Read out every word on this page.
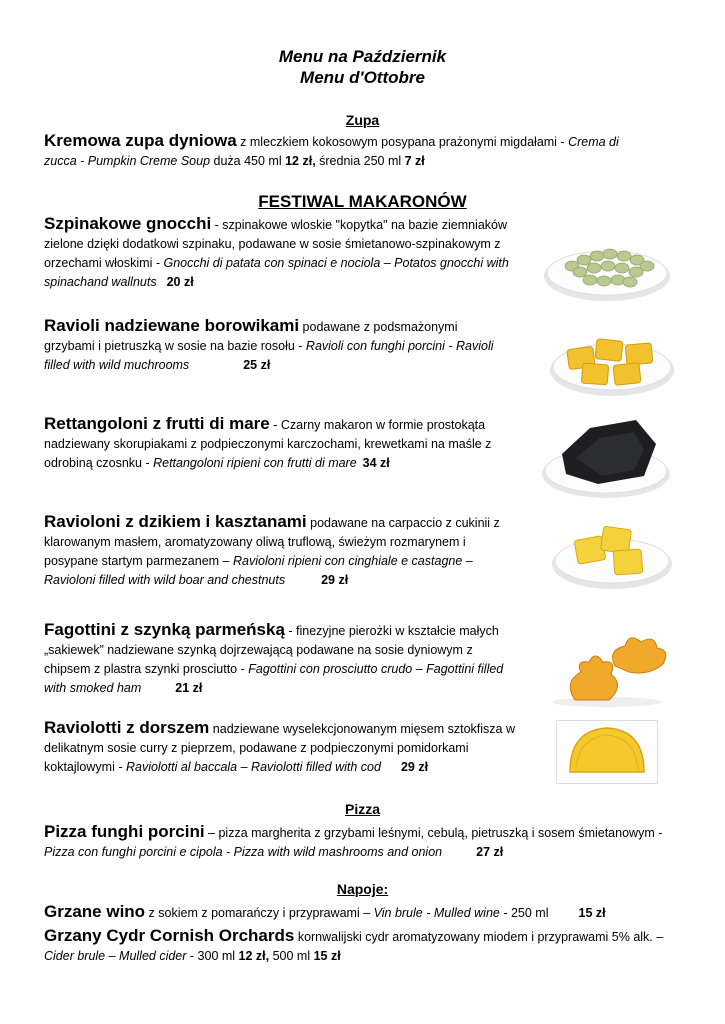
Menu na Październik
Menu d'Ottobre
Zupa
Kremowa zupa dyniowa z mleczkiem kokosowym posypana prażonymi migdałami - Crema di zucca - Pumpkin Creme Soup duża 450 ml 12 zł, średnia 250 ml 7 zł
FESTIWAL MAKARONÓW
Szpinakowe gnocchi - szpinakowe wloskie "kopytka" na bazie ziemniaków zielone dzięki dodatkowi szpinaku, podawane w sosie śmietanowo-szpinakowym z orzechami włoskimi - Gnocchi di patata con spinaci e nociola – Potatos gnocchi with spinachand wallnuts 20 zł
Ravioli nadziewane borowikami podawane z podsmażonymi grzybami i pietruszką w sosie na bazie rosołu - Ravioli con funghi porcini - Ravioli filled with wild muchrooms	25 zł
Rettangoloni z frutti di mare - Czarny makaron w formie prostokąta nadziewany skorupiakami z podpieczonymi karczochami, krewetkami na maśle z odrobiną czosnku - Rettangoloni ripieni con frutti di mare 34 zł
Ravioloni z dzikiem i kasztanami podawane na carpaccio z cukinii z klarowanym masłem, aromatyzowany oliwą truflową, świeżym rozmarynem i posypane startym parmezanem – Ravioloni ripieni con cinghiale e castagne – Ravioloni filled with wild boar and chestnuts	29 zł
Fagottini z szynką parmeńską - finezyjne pierożki w kształcie małych „sakiewek” nadziewane szynką dojrzewającą podawane na sosie dyniowym z chipsem z plastra szynki prosciutto - Fagottini con prosciutto crudo – Fagottini filled with smoked ham	21 zł
Raviolotti z dorszem nadziewane wyselekcjonowanym mięsem sztokfisza w delikatnym sosie curry z pieprzem, podawane z podpieczonymi pomidorkami koktajlowymi - Raviolotti al baccala – Raviolotti filled with cod 29 zł
Pizza
Pizza funghi porcini – pizza margherita z grzybami leśnymi, cebulą, pietruszką i sosem śmietanowym - Pizza con funghi porcini e cipola - Pizza with wild mashrooms and onion	27 zł
Napoje:
Grzane wino z sokiem z pomarańczy i przyprawami – Vin brule - Mulled wine - 250 ml 15 zł
Grzany Cydr Cornish Orchards kornwalijski cydr aromatyzowany miodem i przyprawami 5% alk. – Cider brule – Mulled cider - 300 ml 12 zł, 500 ml 15 zł
